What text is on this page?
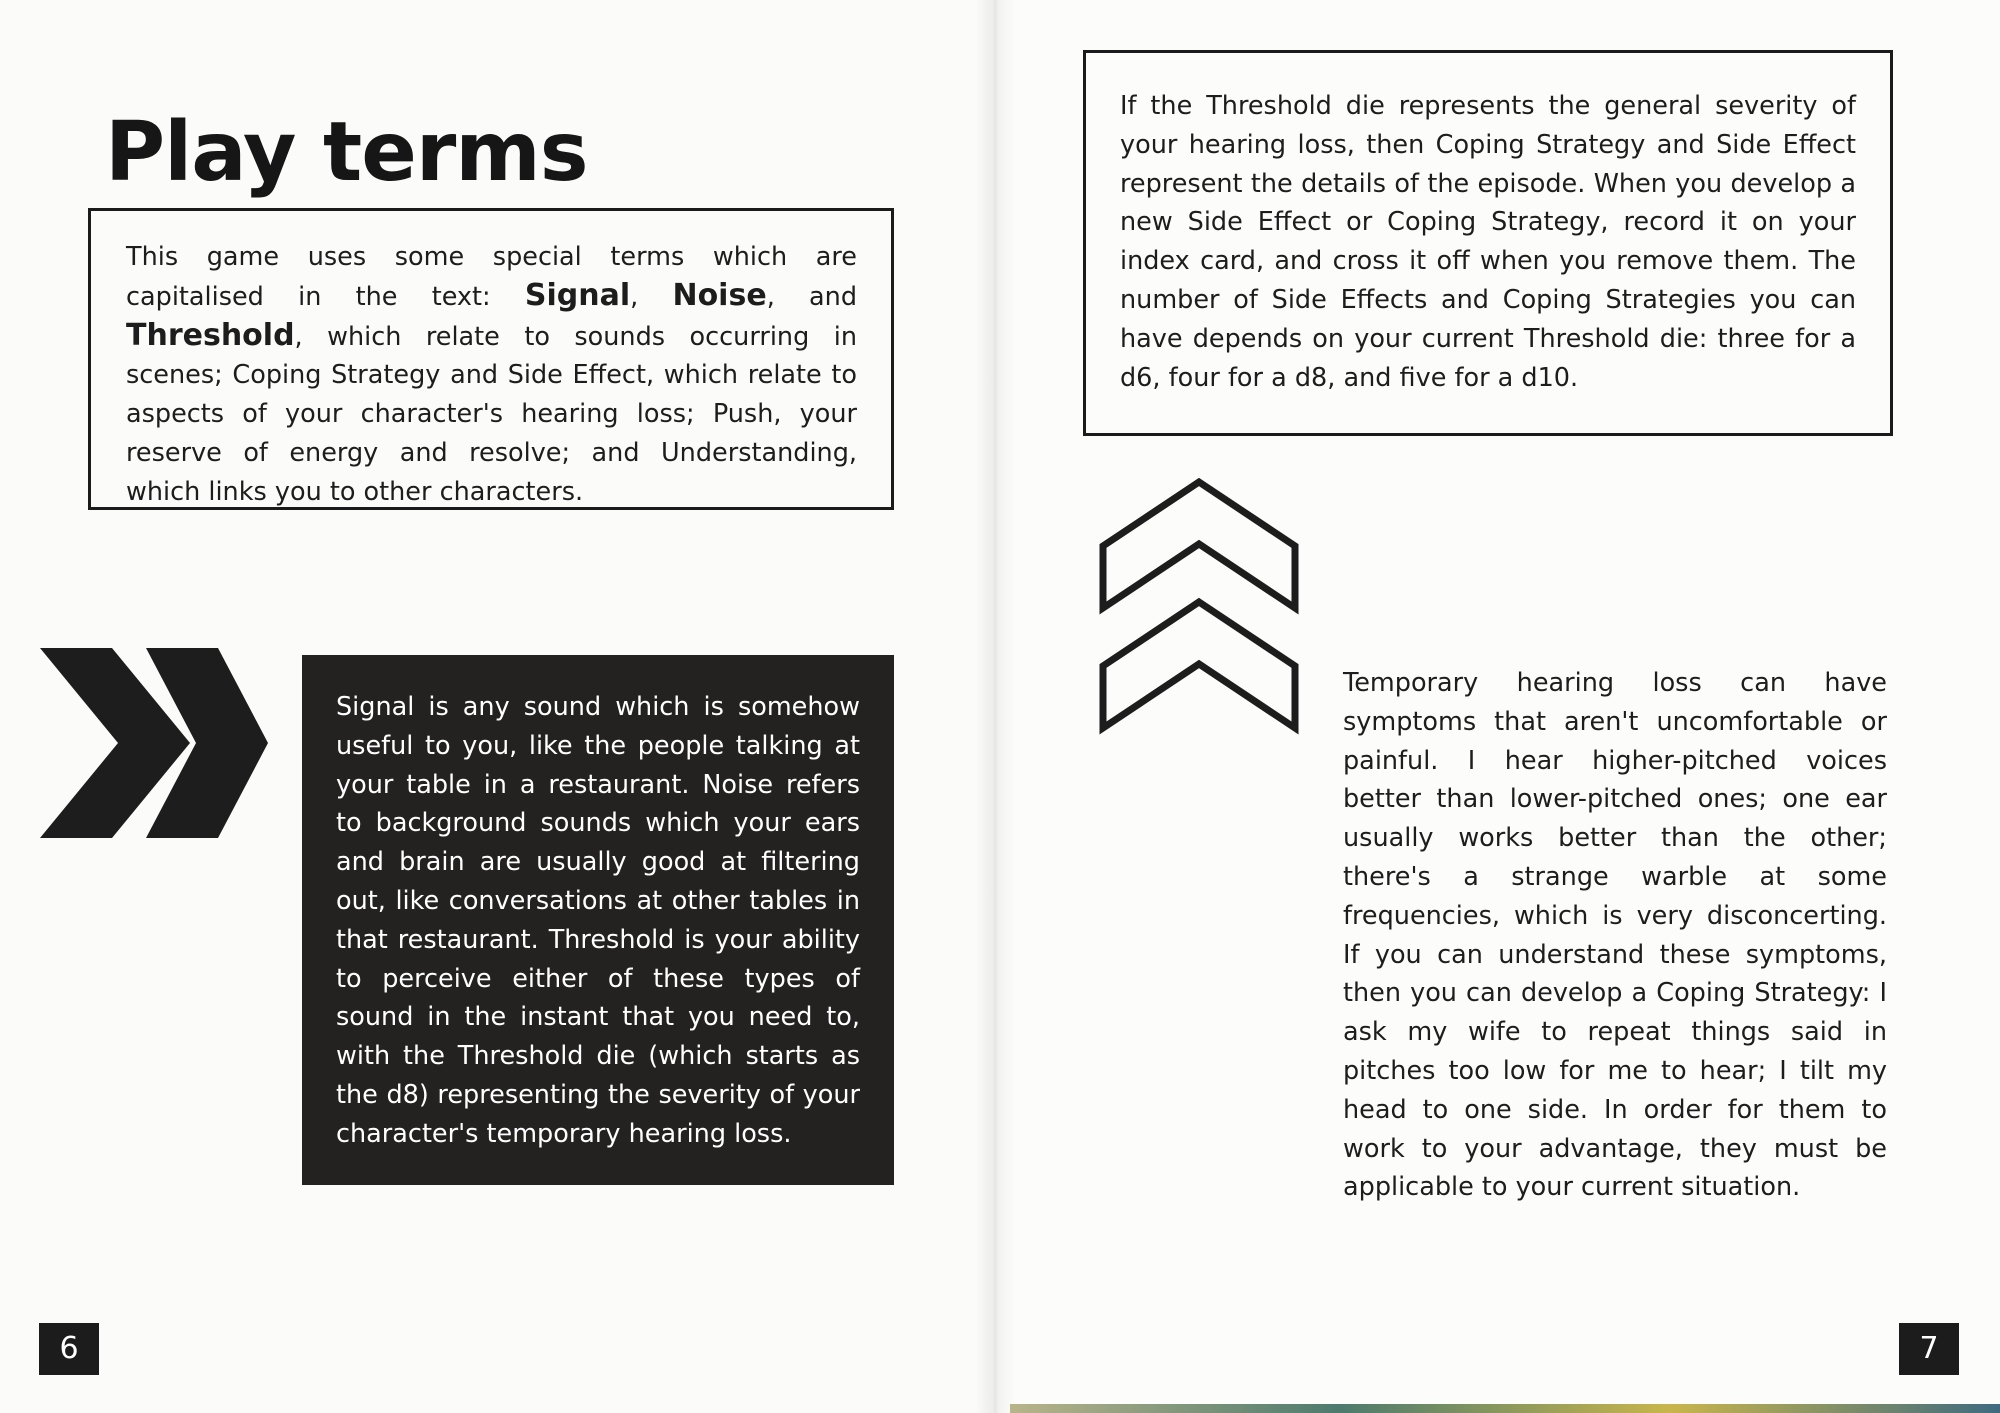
Play terms

This game uses some special terms which are capitalised in the text: Signal, Noise, and Threshold, which relate to sounds occurring in scenes; Coping Strategy and Side Effect, which relate to aspects of your character's hearing loss; Push, your reserve of energy and resolve; and Understanding, which links you to other characters.

Signal is any sound which is somehow useful to you, like the people talking at your table in a restaurant. Noise refers to background sounds which your ears and brain are usually good at filtering out, like conversations at other tables in that restaurant. Threshold is your ability to perceive either of these types of sound in the instant that you need to, with the Threshold die (which starts as the d8) representing the severity of your character's temporary hearing loss.

6	7

If the Threshold die represents the general severity of your hearing loss, then Coping Strategy and Side Effect represent the details of the episode. When you develop a new Side Effect or Coping Strategy, record it on your index card, and cross it off when you remove them. The number of Side Effects and Coping Strategies you can have depends on your current Threshold die: three for a d6, four for a d8, and five for a d10.

Temporary hearing loss can have symptoms that aren't uncomfortable or painful. I hear higher-pitched voices better than lower-pitched ones; one ear usually works better than the other; there's a strange warble at some frequencies, which is very disconcerting. If you can understand these symptoms, then you can develop a Coping Strategy: I ask my wife to repeat things said in pitches too low for me to hear; I tilt my head to one side. In order for them to work to your advantage, they must be applicable to your current situation.
